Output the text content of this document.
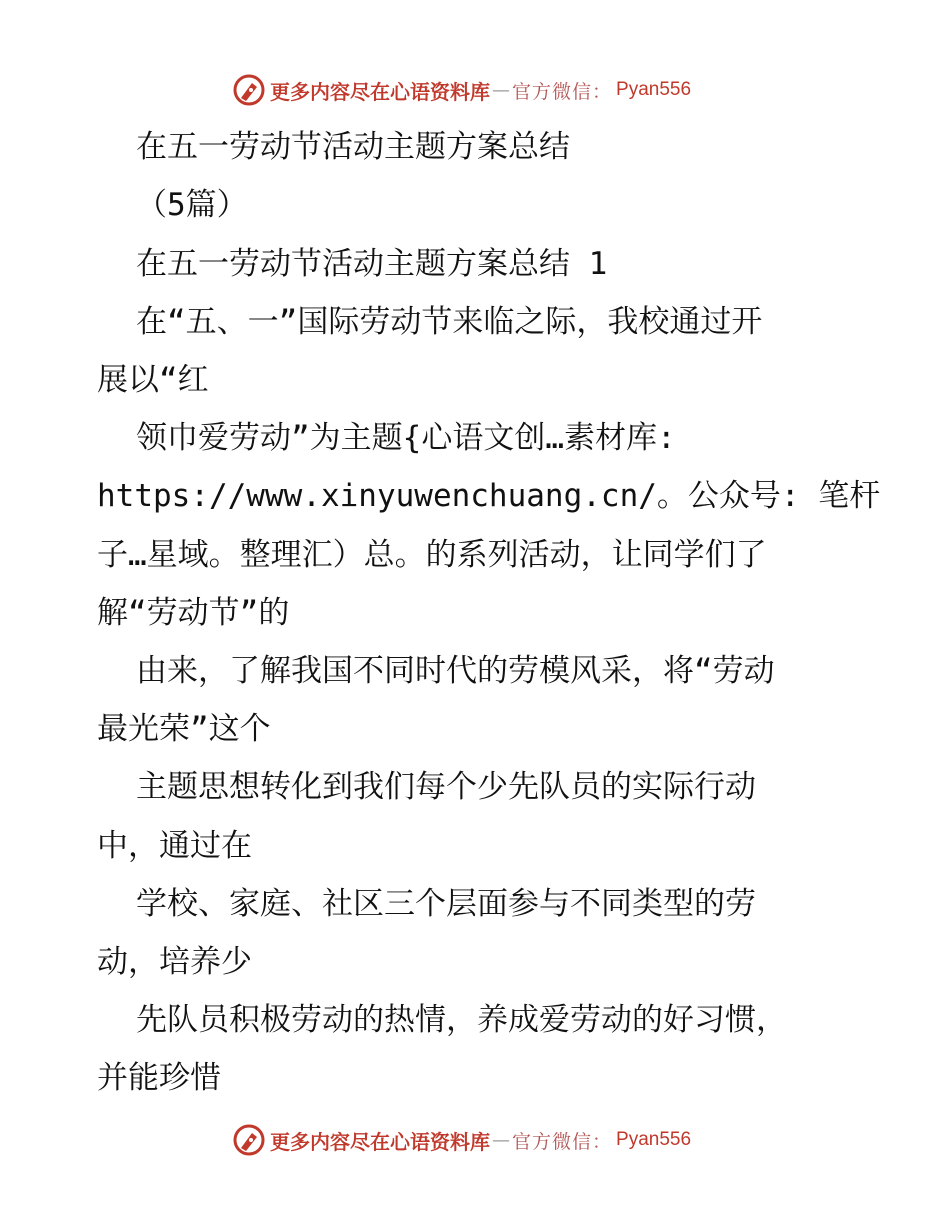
更多内容尽在心语资料库 — 官方微信： Pyan556
在五一劳动节活动主题方案总结
（5篇）
在五一劳动节活动主题方案总结 1
在“五、一”国际劳动节来临之际，我校通过开
展以“红
领巾爱劳动”为主题{心语文创…素材库:
https://www.xinyuwenchuang.cn/。公众号: 笔杆
子…星域。整理汇）总。的系列活动，让同学们了
解“劳动节”的
由来，了解我国不同时代的劳模风采，将“劳动
最光荣”这个
主题思想转化到我们每个少先队员的实际行动
中，通过在
学校、家庭、社区三个层面参与不同类型的劳
动，培养少
先队员积极劳动的热情，养成爱劳动的好习惯，
并能珍惜
更多内容尽在心语资料库 — 官方微信： Pyan556
